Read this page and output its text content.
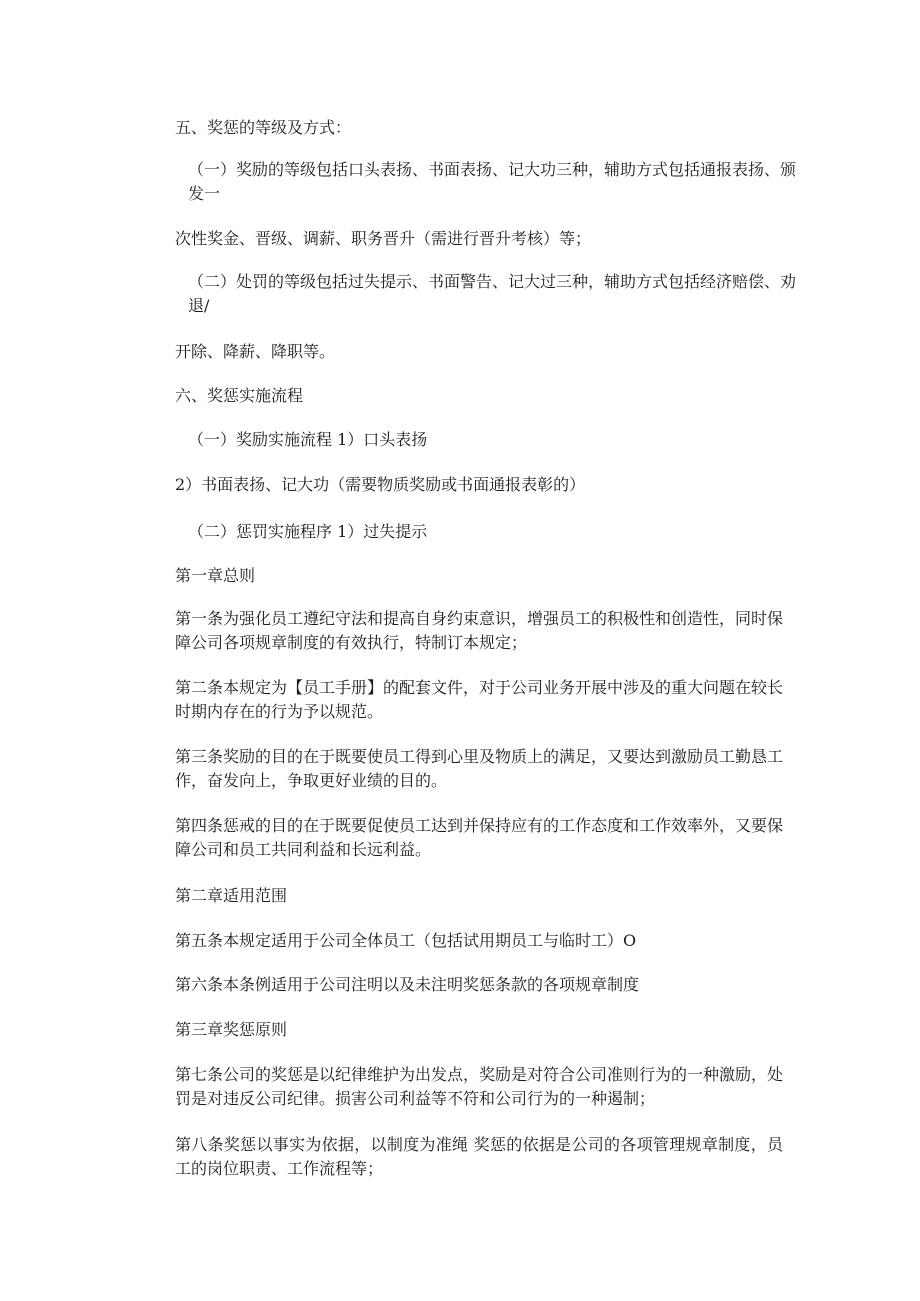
五、奖惩的等级及方式：

（一）奖励的等级包括口头表扬、书面表扬、记大功三种，辅助方式包括通报表扬、颁发一

次性奖金、晋级、调薪、职务晋升（需进行晋升考核）等；

（二）处罚的等级包括过失提示、书面警告、记大过三种，辅助方式包括经济赔偿、劝退/

开除、降薪、降职等。

六、奖惩实施流程

（一）奖励实施流程 1）口头表扬

2）书面表扬、记大功（需要物质奖励或书面通报表彰的）

（二）惩罚实施程序 1）过失提示

第一章总则

第一条为强化员工遵纪守法和提高自身约束意识，增强员工的积极性和创造性，同时保障公司各项规章制度的有效执行，特制订本规定；

第二条本规定为【员工手册】的配套文件，对于公司业务开展中涉及的重大问题在较长时期内存在的行为予以规范。

第三条奖励的目的在于既要使员工得到心里及物质上的满足，又要达到激励员工勤恳工作，奋发向上，争取更好业绩的目的。

第四条惩戒的目的在于既要促使员工达到并保持应有的工作态度和工作效率外，又要保障公司和员工共同利益和长远利益。

第二章适用范围

第五条本规定适用于公司全体员工（包括试用期员工与临时工）O

第六条本条例适用于公司注明以及未注明奖惩条款的各项规章制度

第三章奖惩原则

第七条公司的奖惩是以纪律维护为出发点，奖励是对符合公司准则行为的一种激励，处罚是对违反公司纪律。损害公司利益等不符和公司行为的一种遏制；

第八条奖惩以事实为依据，以制度为准绳 奖惩的依据是公司的各项管理规章制度，员工的岗位职责、工作流程等；
